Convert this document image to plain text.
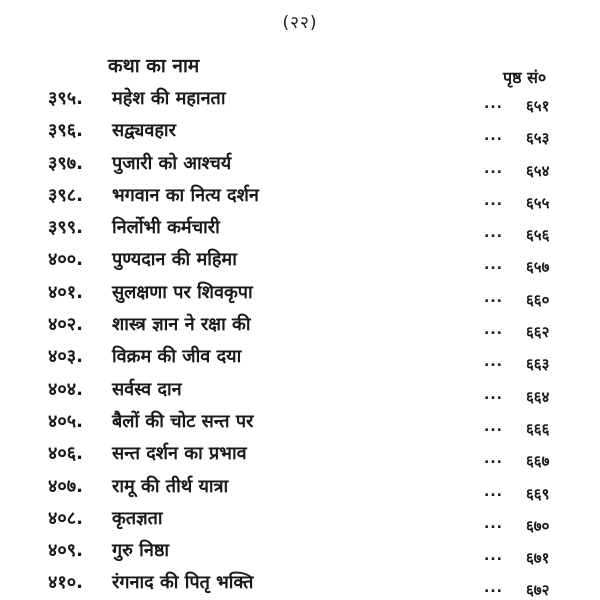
(२२)
कथा का नाम
पृष्ठ सं०
३९५. महेश की महानता	... ६५१
३९६. सद्व्यवहार	... ६५३
३९७. पुजारी को आश्चर्य	... ६५४
३९८. भगवान का नित्य दर्शन	... ६५५
३९९. निर्लोभी कर्मचारी	... ६५६
४००. पुण्यदान की महिमा	... ६५७
४०१. सुलक्षणा पर शिवकृपा	... ६६०
४०२. शास्त्र ज्ञान ने रक्षा की	... ६६२
४०३. विक्रम की जीव दया	... ६६३
४०४. सर्वस्व दान	... ६६४
४०५. बैलों की चोट सन्त पर	... ६६६
४०६. सन्त दर्शन का प्रभाव	... ६६७
४०७. रामू की तीर्थ यात्रा	... ६६९
४०८. कृतज्ञता	... ६७०
४०९. गुरु निष्ठा	... ६७१
४१०. रंगनाद की पितृ भक्ति	... ६७२
